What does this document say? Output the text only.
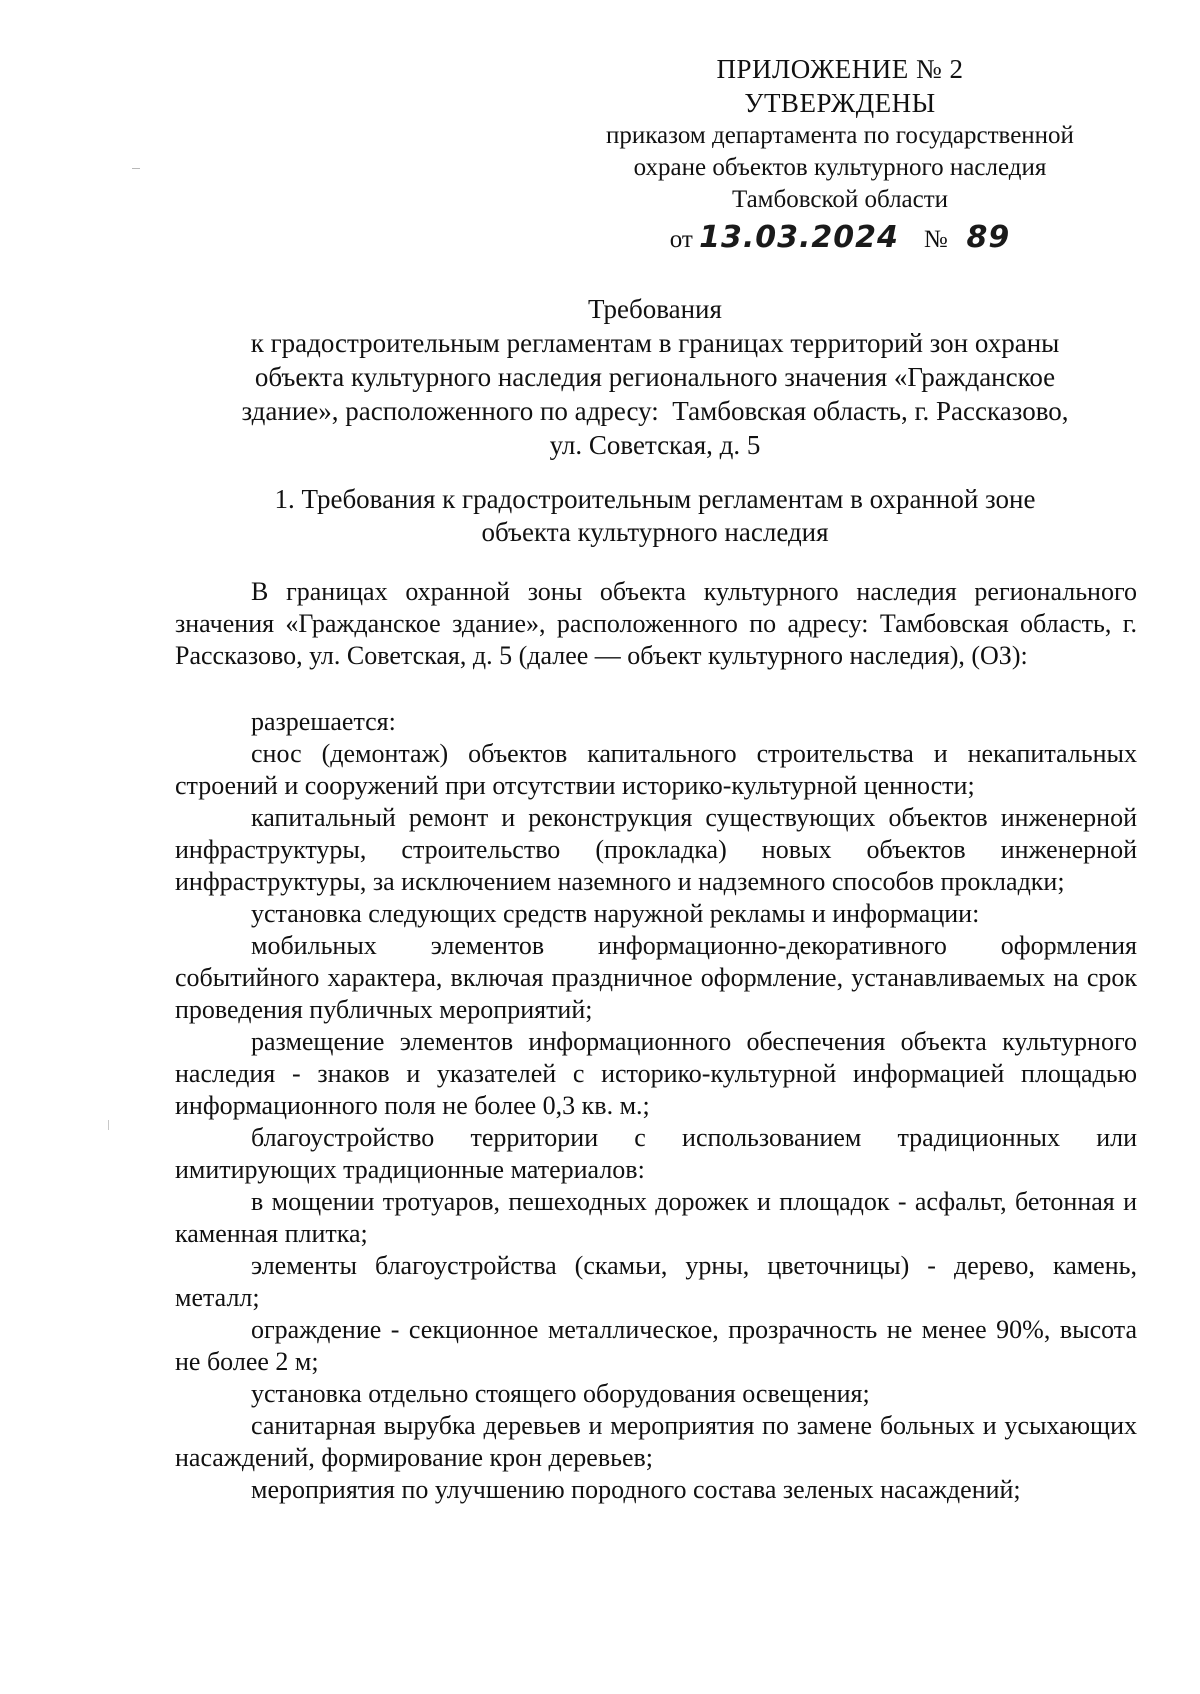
ПРИЛОЖЕНИЕ № 2
УТВЕРЖДЕНЫ
приказом департамента по государственной
охране объектов культурного наследия
Тамбовской области
от 13.03.2024 № 89
Требования
к градостроительным регламентам в границах территорий зон охраны
объекта культурного наследия регионального значения «Гражданское
здание», расположенного по адресу:  Тамбовская область, г. Рассказово,
ул. Советская, д. 5
1. Требования к градостроительным регламентам в охранной зоне
объекта культурного наследия

В границах охранной зоны объекта культурного наследия регионального значения «Гражданское здание», расположенного по адресу: Тамбовская область, г. Рассказово, ул. Советская, д. 5 (далее — объект культурного наследия), (ОЗ):

разрешается:

снос (демонтаж) объектов капитального строительства и некапитальных строений и сооружений при отсутствии историко-культурной ценности;

капитальный ремонт и реконструкция существующих объектов инженерной инфраструктуры, строительство (прокладка) новых объектов инженерной инфраструктуры, за исключением наземного и надземного способов прокладки;

установка следующих средств наружной рекламы и информации:

мобильных элементов информационно-декоративного оформления событийного характера, включая праздничное оформление, устанавливаемых на срок проведения публичных мероприятий;

размещение элементов информационного обеспечения объекта культурного наследия - знаков и указателей с историко-культурной информацией площадью информационного поля не более 0,3 кв. м.;

благоустройство территории с использованием традиционных или имитирующих традиционные материалов:

в мощении тротуаров, пешеходных дорожек и площадок - асфальт, бетонная и каменная плитка;

элементы благоустройства (скамьи, урны, цветочницы) - дерево, камень, металл;

ограждение - секционное металлическое, прозрачность не менее 90%, высота не более 2 м;

установка отдельно стоящего оборудования освещения;

санитарная вырубка деревьев и мероприятия по замене больных и усыхающих насаждений, формирование крон деревьев;

мероприятия по улучшению породного состава зеленых насаждений;
